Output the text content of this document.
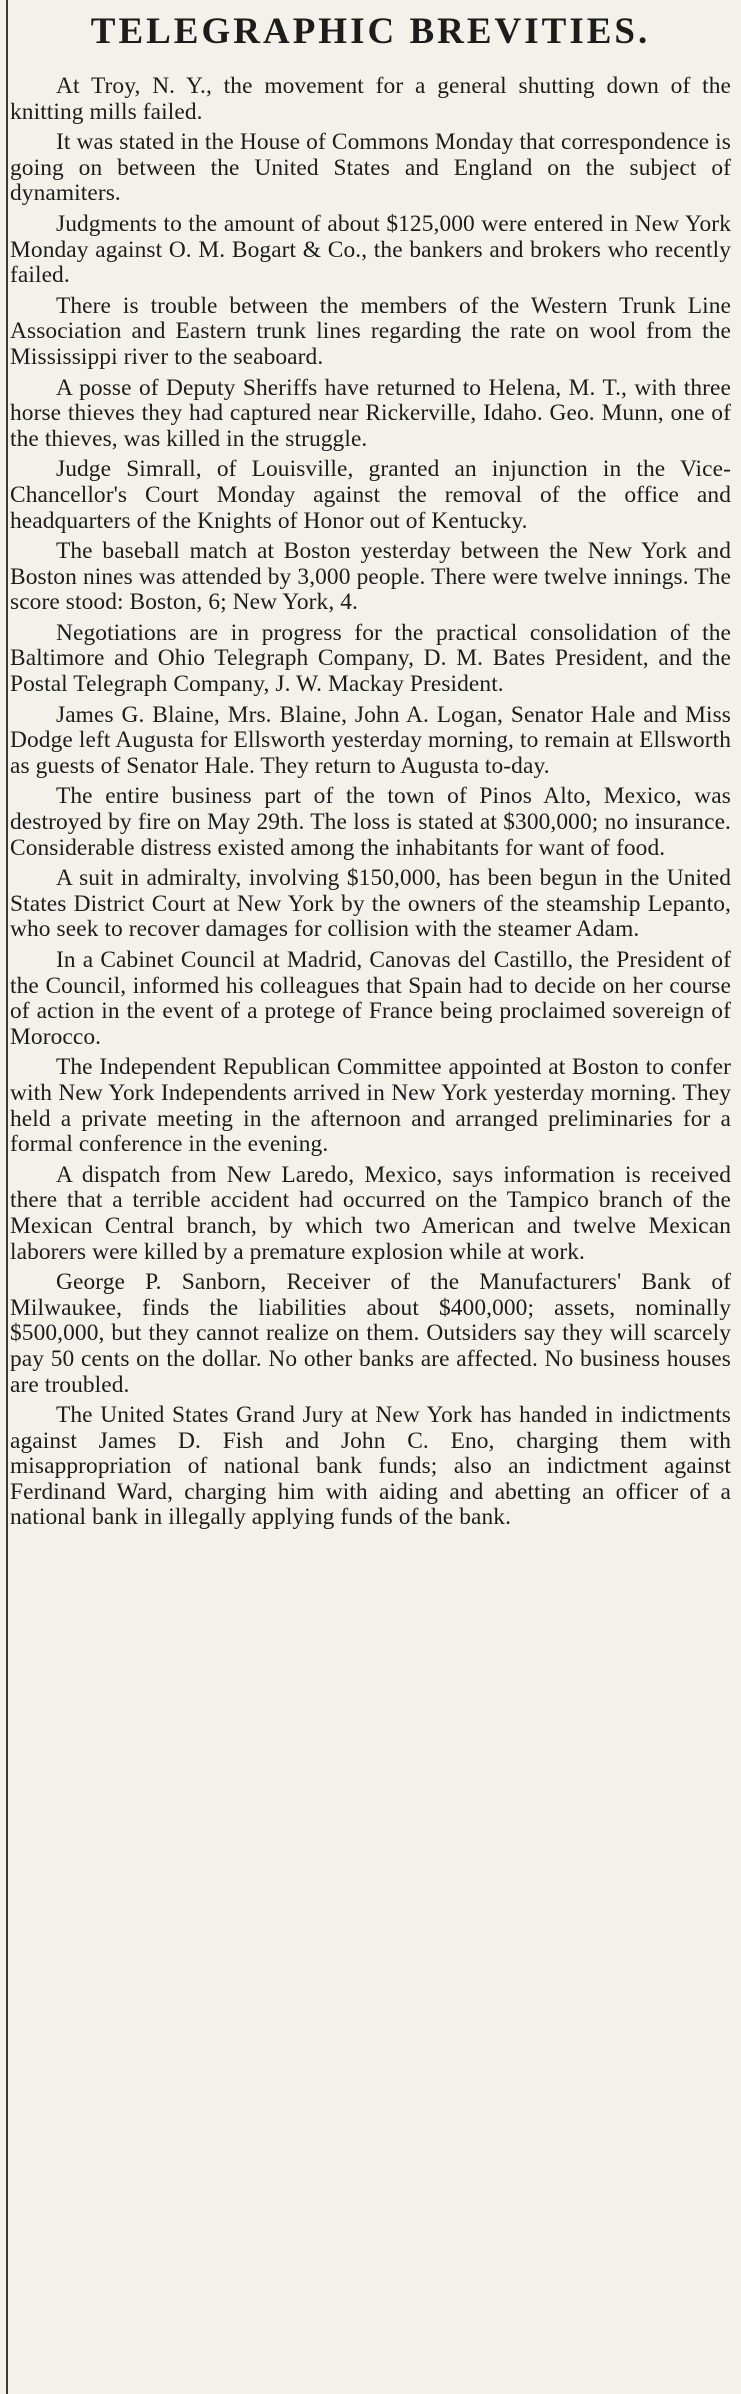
TELEGRAPHIC BREVITIES.

At Troy, N. Y., the movement for a general shutting down of the knitting mills failed.

It was stated in the House of Commons Monday that correspondence is going on between the United States and England on the subject of dynamiters.

Judgments to the amount of about $125,000 were entered in New York Monday against O. M. Bogart & Co., the bankers and brokers who recently failed.

There is trouble between the members of the Western Trunk Line Association and Eastern trunk lines regarding the rate on wool from the Mississippi river to the seaboard.

A posse of Deputy Sheriffs have returned to Helena, M. T., with three horse thieves they had captured near Rickerville, Idaho. Geo. Munn, one of the thieves, was killed in the struggle.

Judge Simrall, of Louisville, granted an injunction in the Vice-Chancellor's Court Monday against the removal of the office and headquarters of the Knights of Honor out of Kentucky.

The baseball match at Boston yesterday between the New York and Boston nines was attended by 3,000 people. There were twelve innings. The score stood: Boston, 6; New York, 4.

Negotiations are in progress for the practical consolidation of the Baltimore and Ohio Telegraph Company, D. M. Bates President, and the Postal Telegraph Company, J. W. Mackay President.

James G. Blaine, Mrs. Blaine, John A. Logan, Senator Hale and Miss Dodge left Augusta for Ellsworth yesterday morning, to remain at Ellsworth as guests of Senator Hale. They return to Augusta to-day.

The entire business part of the town of Pinos Alto, Mexico, was destroyed by fire on May 29th. The loss is stated at $300,000; no insurance. Considerable distress existed among the inhabitants for want of food.

A suit in admiralty, involving $150,000, has been begun in the United States District Court at New York by the owners of the steamship Lepanto, who seek to recover damages for collision with the steamer Adam.

In a Cabinet Council at Madrid, Canovas del Castillo, the President of the Council, informed his colleagues that Spain had to decide on her course of action in the event of a protege of France being proclaimed sovereign of Morocco.

The Independent Republican Committee appointed at Boston to confer with New York Independents arrived in New York yesterday morning. They held a private meeting in the afternoon and arranged preliminaries for a formal conference in the evening.

A dispatch from New Laredo, Mexico, says information is received there that a terrible accident had occurred on the Tampico branch of the Mexican Central branch, by which two American and twelve Mexican laborers were killed by a premature explosion while at work.

George P. Sanborn, Receiver of the Manufacturers' Bank of Milwaukee, finds the liabilities about $400,000; assets, nominally $500,000, but they cannot realize on them. Outsiders say they will scarcely pay 50 cents on the dollar. No other banks are affected. No business houses are troubled.

The United States Grand Jury at New York has handed in indictments against James D. Fish and John C. Eno, charging them with misappropriation of national bank funds; also an indictment against Ferdinand Ward, charging him with aiding and abetting an officer of a national bank in illegally applying funds of the bank.
